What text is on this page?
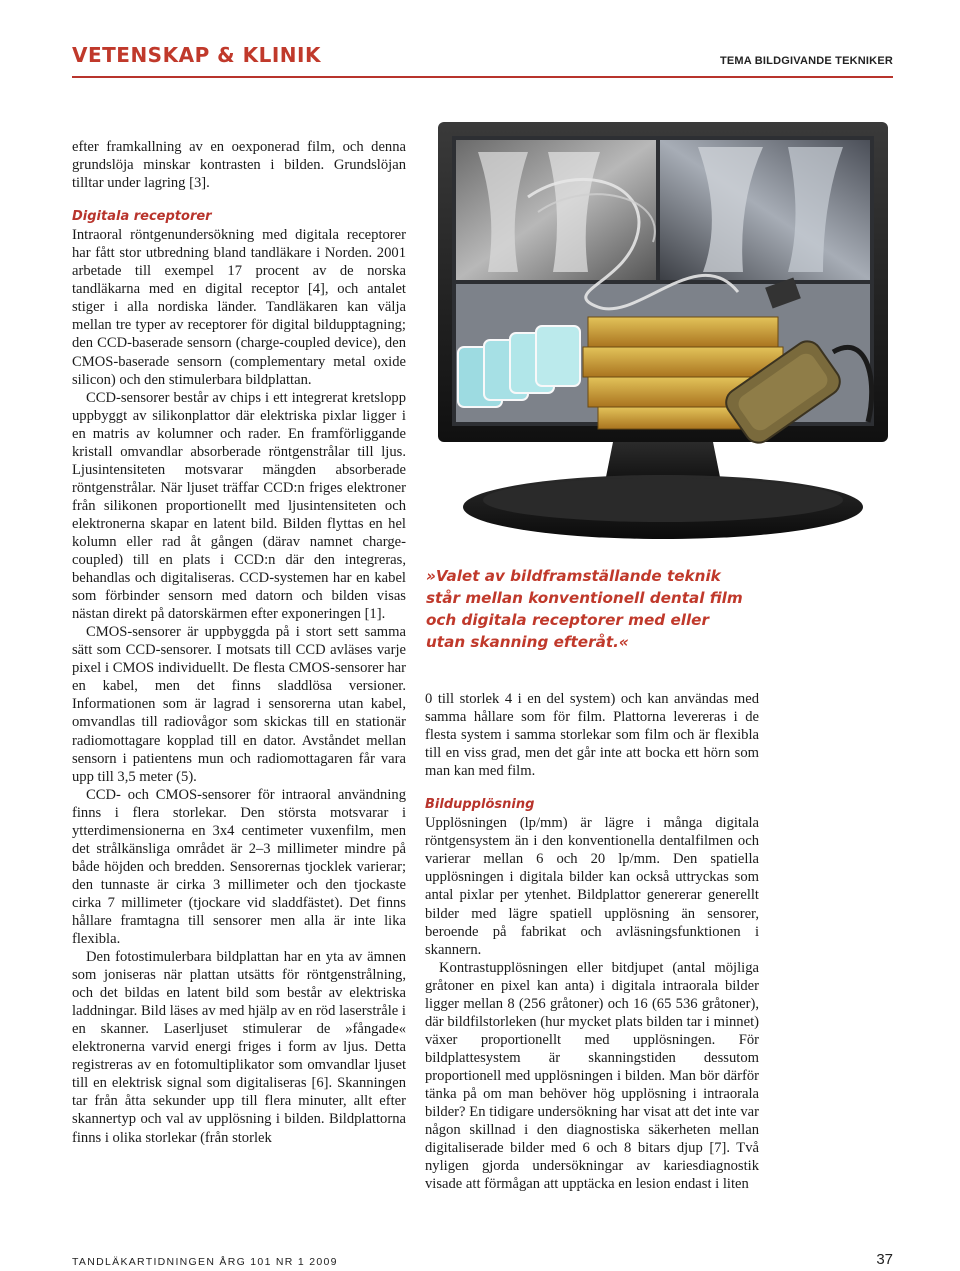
VETENSKAP & KLINIK	TEMA BILDGIVANDE TEKNIKER

efter framkallning av en oexponerad film, och denna grundslöja minskar kontrasten i bilden. Grundslöjan tilltar under lagring [3].

Digitala receptorer

Intraoral röntgenundersökning med digitala receptorer har fått stor utbredning bland tandläkare i Norden. 2001 arbetade till exempel 17 procent av de norska tandläkarna med en digital receptor [4], och antalet stiger i alla nordiska länder. Tandläkaren kan välja mellan tre typer av receptorer för digital bildupptagning; den CCD-baserade sensorn (charge-coupled device), den CMOS-baserade sensorn (complementary metal oxide silicon) och den stimulerbara bildplattan.

CCD-sensorer består av chips i ett integrerat kretslopp uppbyggt av silikonplattor där elektriska pixlar ligger i en matris av kolumner och rader. En framförliggande kristall omvandlar absorberade röntgenstrålar till ljus. Ljusintensiteten motsvarar mängden absorberade röntgenstrålar. När ljuset träffar CCD:n friges elektroner från silikonen proportionellt med ljusintensiteten och elektronerna skapar en latent bild. Bilden flyttas en hel kolumn eller rad åt gången (därav namnet charge-coupled) till en plats i CCD:n där den integreras, behandlas och digitaliseras. CCD-systemen har en kabel som förbinder sensorn med datorn och bilden visas nästan direkt på datorskärmen efter exponeringen [1].

CMOS-sensorer är uppbyggda på i stort sett samma sätt som CCD-sensorer. I motsats till CCD avläses varje pixel i CMOS individuellt. De flesta CMOS-sensorer har en kabel, men det finns sladdlösa versioner. Informationen som är lagrad i sensorerna utan kabel, omvandlas till radiovågor som skickas till en stationär radiomottagare kopplad till en dator. Avståndet mellan sensorn i patientens mun och radiomottagaren får vara upp till 3,5 meter (5).

CCD- och CMOS-sensorer för intraoral användning finns i flera storlekar. Den största motsvarar i ytterdimensionerna en 3x4 centimeter vuxenfilm, men det strålkänsliga området är 2–3 millimeter mindre på både höjden och bredden. Sensorernas tjocklek varierar; den tunnaste är cirka 3 millimeter och den tjockaste cirka 7 millimeter (tjockare vid sladdfästet). Det finns hållare framtagna till sensorer men alla är inte lika flexibla.

Den fotostimulerbara bildplattan har en yta av ämnen som joniseras när plattan utsätts för röntgenstrålning, och det bildas en latent bild som består av elektriska laddningar. Bild läses av med hjälp av en röd laserstråle i en skanner. Laserljuset stimulerar de »fångade« elektronerna varvid energi friges i form av ljus. Detta registreras av en fotomultiplikator som omvandlar ljuset till en elektrisk signal som digitaliseras [6]. Skanningen tar från åtta sekunder upp till flera minuter, allt efter skannertyp och val av upplösning i bilden. Bildplattorna finns i olika storlekar (från storlek

»Valet av bildframställande teknik står mellan konventionell dental film och digitala receptorer med eller utan skanning efteråt.«

0 till storlek 4 i en del system) och kan användas med samma hållare som för film. Plattorna levereras i de flesta system i samma storlekar som film och är flexibla till en viss grad, men det går inte att bocka ett hörn som man kan med film.

Bildupplösning

Upplösningen (lp/mm) är lägre i många digitala röntgensystem än i den konventionella dentalfilmen och varierar mellan 6 och 20 lp/mm. Den spatiella upplösningen i digitala bilder kan också uttryckas som antal pixlar per ytenhet. Bildplattor genererar generellt bilder med lägre spatiell upplösning än sensorer, beroende på fabrikat och avläsningsfunktionen i skannern.

Kontrastupplösningen eller bitdjupet (antal möjliga gråtoner en pixel kan anta) i digitala intraorala bilder ligger mellan 8 (256 gråtoner) och 16 (65 536 gråtoner), där bildfilstorleken (hur mycket plats bilden tar i minnet) växer proportionellt med upplösningen. För bildplattesystem är skanningstiden dessutom proportionell med upplösningen i bilden. Man bör därför tänka på om man behöver hög upplösning i intraorala bilder? En tidigare undersökning har visat att det inte var någon skillnad i den diagnostiska säkerheten mellan digitaliserade bilder med 6 och 8 bitars djup [7]. Två nyligen gjorda undersökningar av kariesdiagnostik visade att förmågan att upptäcka en lesion endast i liten

TANDLÄKARTIDNINGEN ÅRG 101 NR 1 2009	37
